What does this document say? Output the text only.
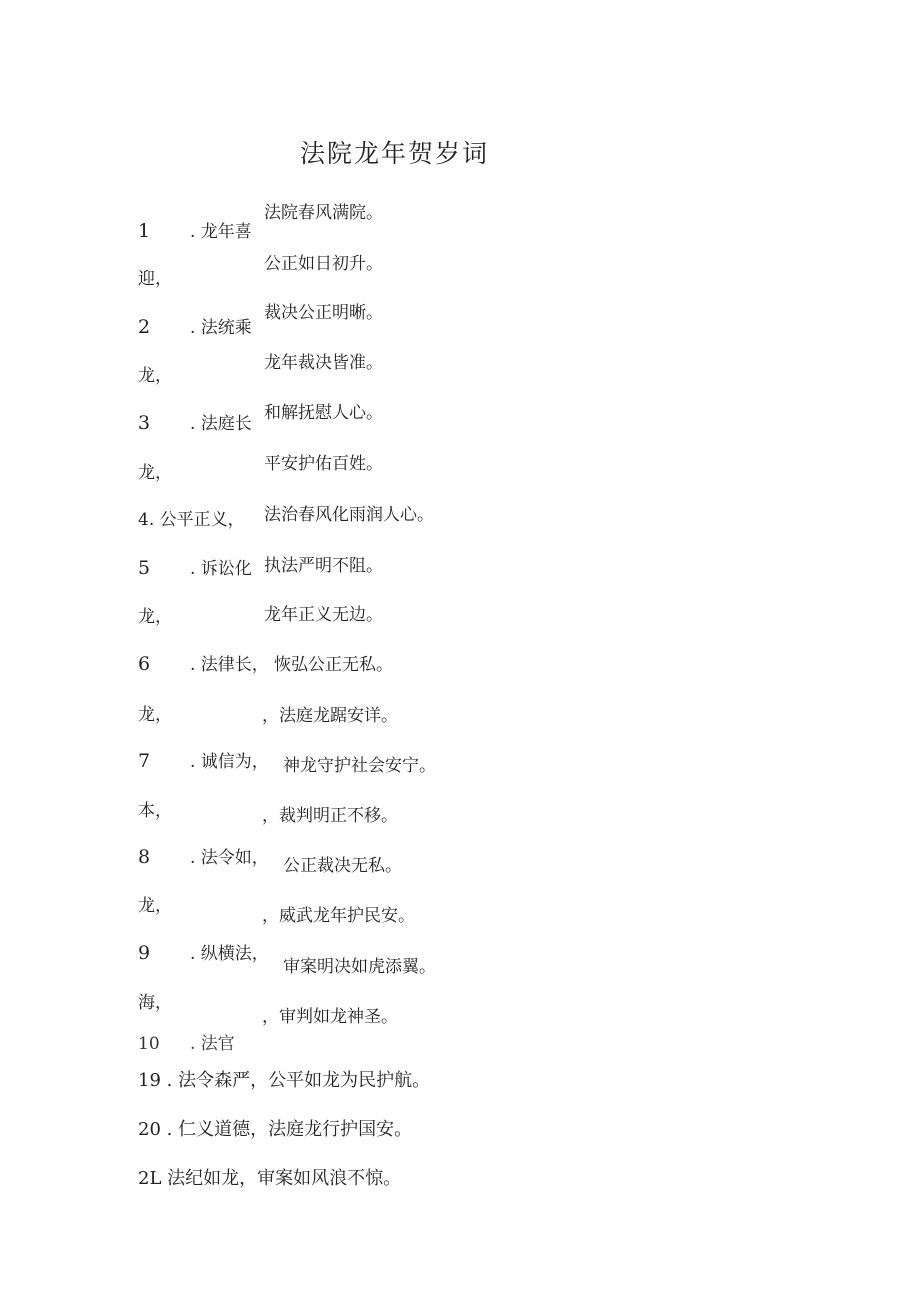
法院龙年贺岁词
1 . 龙年喜
迎，
2 . 法统乘
龙，
3 . 法庭长
龙，
4. 公平正义，
5 . 诉讼化
龙，
6 . 法律长，
龙，
7 . 诚信为，
本，
8 . 法令如，
龙，
9 . 纵横法，
海，
10 . 法官
法院春风满院。
公正如日初升。
裁决公正明晰。
龙年裁决皆准。
和解抚慰人心。
平安护佑百姓。
法治春风化雨润人心。
执法严明不阻。
龙年正义无边。
恢弘公正无私。
，法庭龙踞安详。
神龙守护社会安宁。
，裁判明正不移。
公正裁决无私。
，威武龙年护民安。
审案明决如虎添翼。
，审判如龙神圣。
19 . 法令森严，公平如龙为民护航。
20 . 仁义道德，法庭龙行护国安。
2L 法纪如龙，审案如风浪不惊。
